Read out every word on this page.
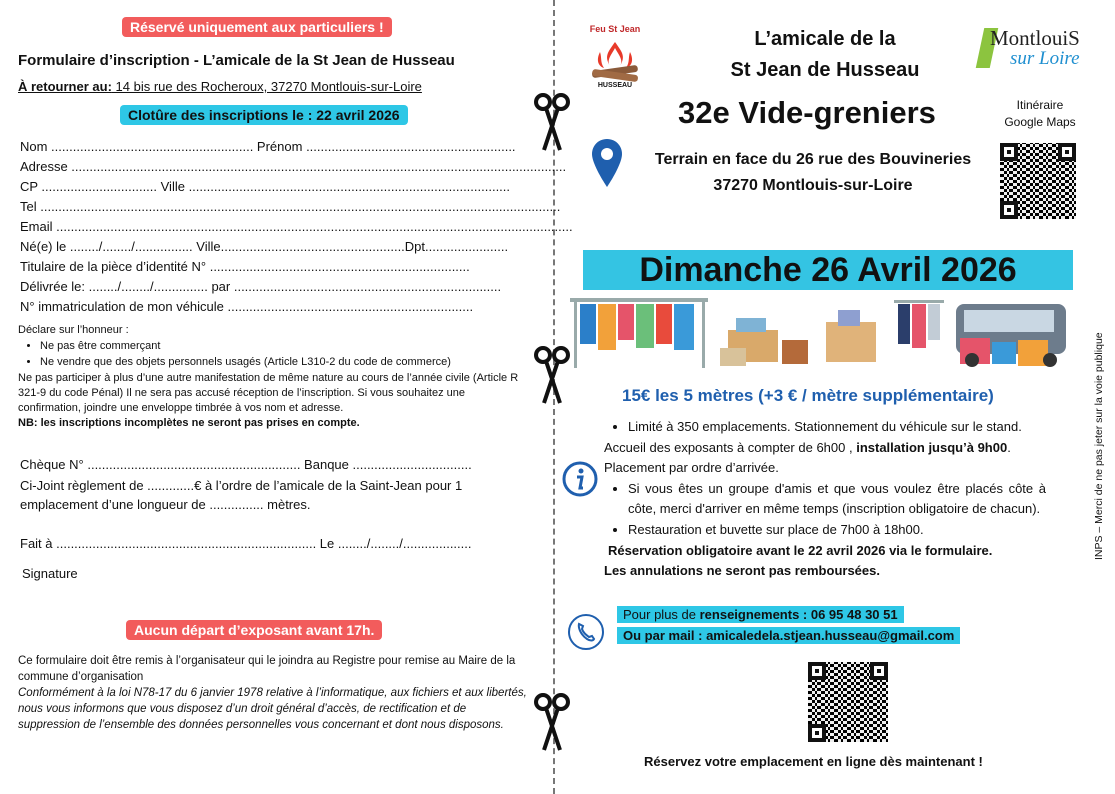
Réservé uniquement aux particuliers !
Formulaire d’inscription - L’amicale de la St Jean de Husseau
À retourner au: 14 bis rue des Rocheroux, 37270 Montlouis-sur-Loire
Clotûre des inscriptions le : 22 avril 2026
Nom ........................................................ Prénom ..........................................................
Adresse .........................................................................................................................................
CP ................................ Ville .........................................................................................
Tel ................................................................................................................................................
Email ...............................................................................................................................................
Né(e) le ......../......../................ Ville...................................................Dpt.......................
Titulaire de la pièce d’identité N° ........................................................................
Délivrée le: ......../......../............... par ..........................................................................
N° immatriculation de mon véhicule ....................................................................
Déclare sur l’honneur :
• Ne pas être commerçant
• Ne vendre que des objets personnels usagés (Article L310-2 du code de commerce)
Ne pas participer à plus d’une autre manifestation de même nature au cours de l’année civile (Article R 321-9 du code Pénal) Il ne sera pas accusé réception de l’inscription. Si vous souhaitez une confirmation, joindre une enveloppe timbrée à vos nom et adresse.
NB: les inscriptions incomplètes ne seront pas prises en compte.
Chèque N° ........................................................... Banque .................................
Ci-Joint règlement de .............€ à l’ordre de l’amicale de la Saint-Jean pour 1 emplacement d’une longueur de ............... mètres.
Fait à ........................................................................ Le ......../......../...................
Signature
Aucun départ d’exposant avant 17h.
Ce formulaire doit être remis à l’organisateur qui le joindra au Registre pour remise au Maire de la commune d’organisation
Conformément à la loi N78-17 du 6 janvier 1978 relative à l’informatique, aux fichiers et aux libertés, nous vous informons que vous disposez d’un droit général d’accès, de rectification et de suppression de l’ensemble des données personnelles vous concernant et dont nous disposons.
Feu St Jean
HUSSEAU
L’amicale de la
St Jean de Husseau
MontlouiS
sur Loire
32e Vide-greniers	Itinéraire
Google Maps
Terrain en face du 26 rue des Bouvineries
37270 Montlouis-sur-Loire
Dimanche 26 Avril 2026
INPS – Merci de ne pas jeter sur la voie publique
15€ les 5 mètres (+3 € / mètre supplémentaire)
• Limité à 350 emplacements. Stationnement du véhicule sur le stand.
Accueil des exposants à compter de 6h00 , installation jusqu’à 9h00.
Placement par ordre d’arrivée.
• Si vous êtes un groupe d'amis et que vous voulez être placés côte à côte, merci d'arriver en même temps (inscription obligatoire de chacun).
• Restauration et buvette sur place de 7h00 à 18h00.
Réservation obligatoire avant le 22 avril 2026 via le formulaire.
Les annulations ne seront pas remboursées.
Pour plus de renseignements : 06 95 48 30 51
Ou par mail : amicaledela.stjean.husseau@gmail.com
Réservez votre emplacement en ligne dès maintenant !
